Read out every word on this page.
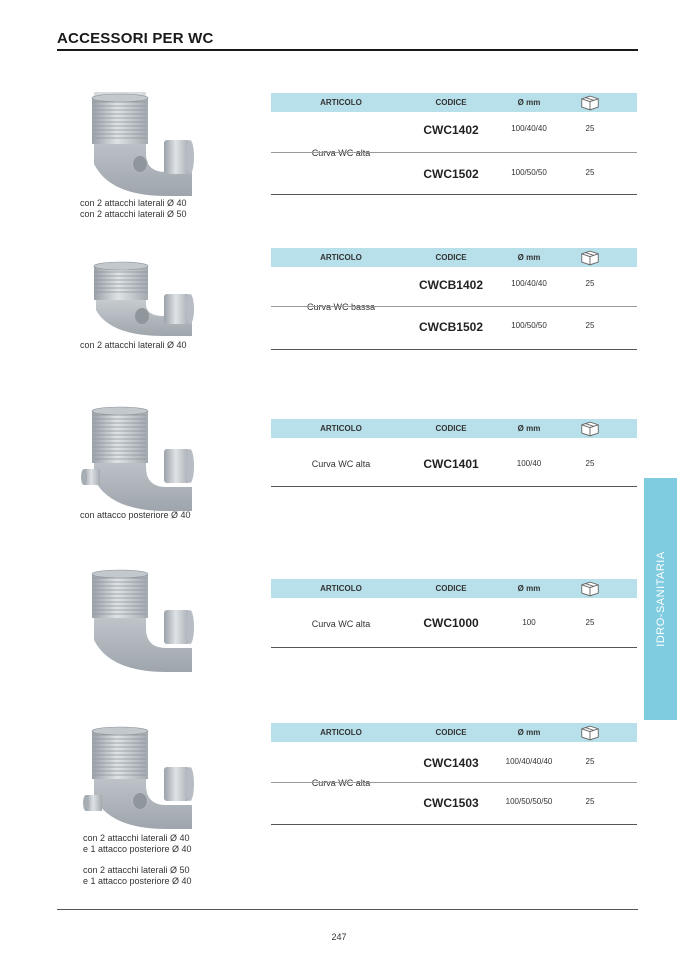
ACCESSORI PER WC
con 2 attacchi laterali Ø 40
con 2 attacchi laterali Ø 50
ARTICOLO	CODICE	Ø mm
Curva WC alta
CWC1402	100/40/40	25
CWC1502	100/50/50	25
con 2 attacchi laterali Ø 40
ARTICOLO	CODICE	Ø mm
Curva WC bassa
CWCB1402	100/40/40	25
CWCB1502	100/50/50	25
con attacco posteriore Ø 40
ARTICOLO	CODICE	Ø mm
Curva WC alta	CWC1401	100/40	25
ARTICOLO	CODICE	Ø mm
Curva WC alta	CWC1000	100	25
con 2 attacchi laterali Ø 40
e 1 attacco posteriore Ø 40
con 2 attacchi laterali Ø 50
e 1 attacco posteriore Ø 40
ARTICOLO	CODICE	Ø mm
Curva WC alta
CWC1403	100/40/40/40	25
CWC1503	100/50/50/50	25
IDRO-SANITARIA
247
